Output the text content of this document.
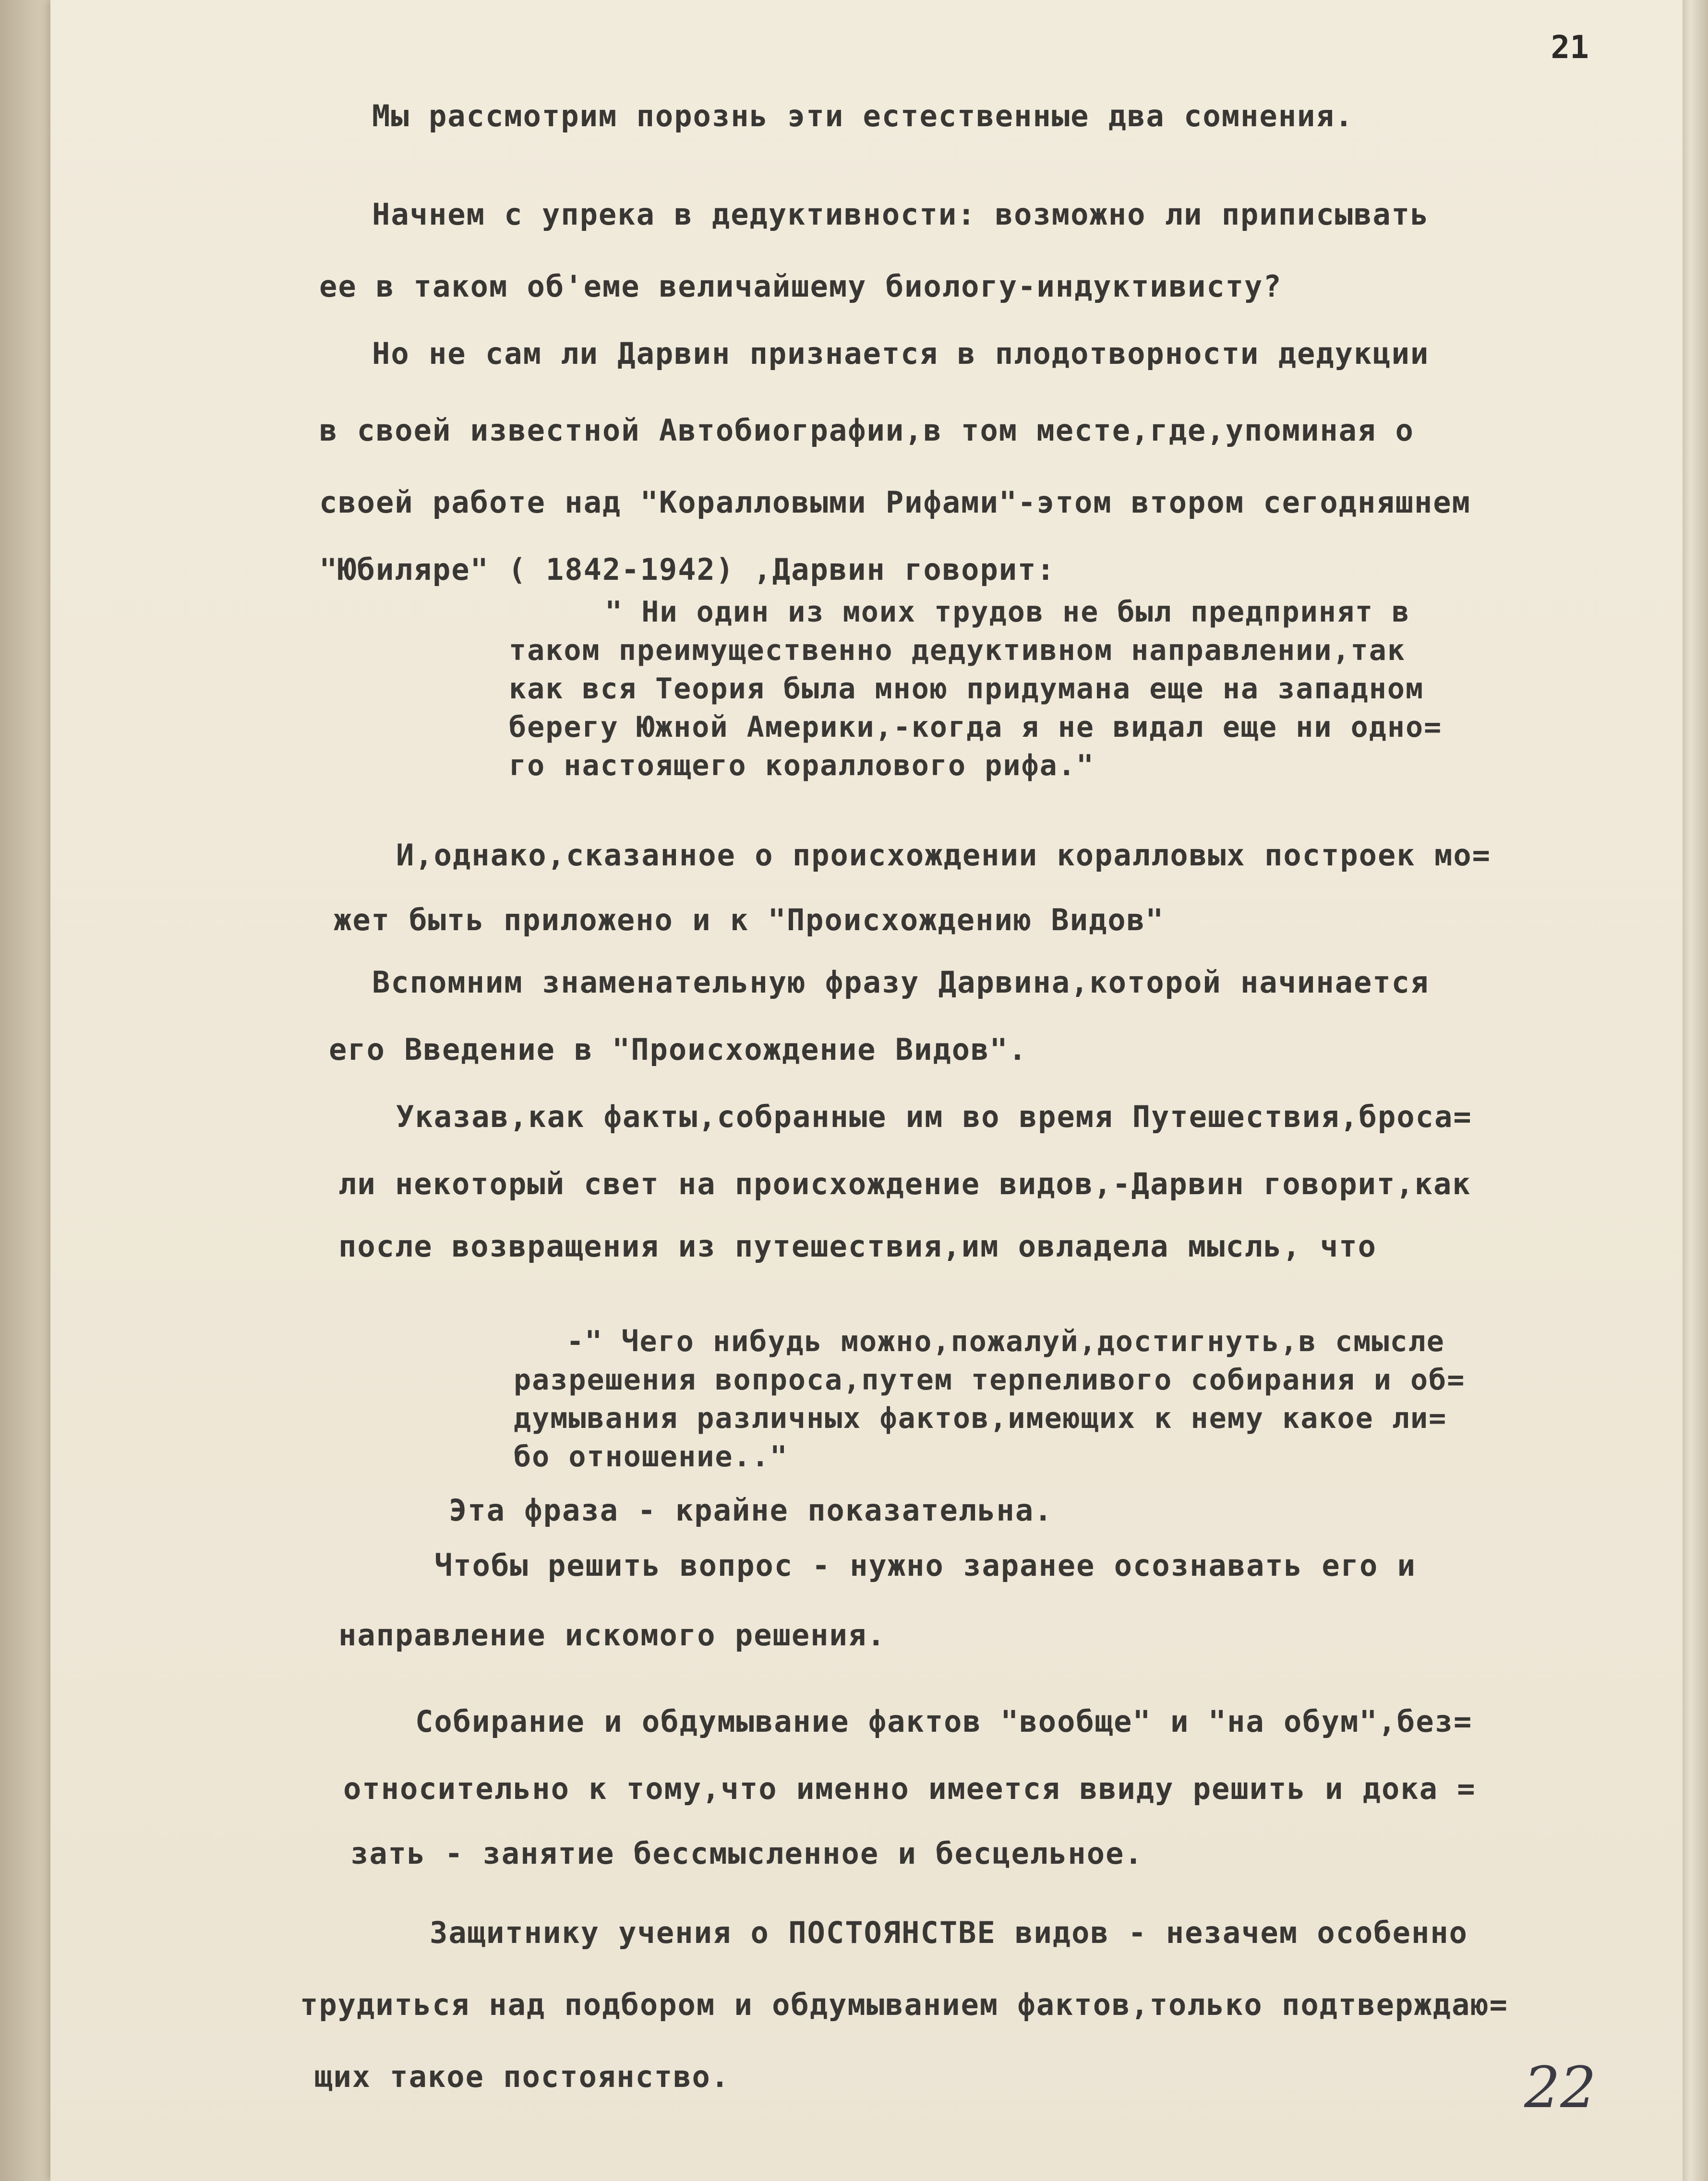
21
Мы рассмотрим порознь эти естественные два сомнения.
Начнем с упрека в дедуктивности: возможно ли приписывать
ее в таком об'еме величайшему биологу-индуктивисту?
Но не сам ли Дарвин признается в плодотворности дедукции
в своей известной Автобиографии,в том месте,где,упоминая о
своей работе над "Коралловыми Рифами"-этом втором сегодняшнем
"Юбиляре" ( 1842-1942) ,Дарвин говорит:
" Ни один из моих трудов не был предпринят в
таком преимущественно дедуктивном направлении,так
как вся Теория была мною придумана еще на западном
берегу Южной Америки,-когда я не видал еще ни одно=
го настоящего кораллового рифа."
И,однако,сказанное о происхождении коралловых построек мо=
жет быть приложено и к "Происхождению Видов"
Вспомним знаменательную фразу Дарвина,которой начинается
его Введение в "Происхождение Видов".
Указав,как факты,собранные им во время Путешествия,броса=
ли некоторый свет на происхождение видов,-Дарвин говорит,как
после возвращения из путешествия,им овладела мысль, что
-" Чего нибудь можно,пожалуй,достигнуть,в смысле
разрешения вопроса,путем терпеливого собирания и об=
думывания различных фактов,имеющих к нему какое ли=
бо отношение.."
Эта фраза - крайне показательна.
Чтобы решить вопрос - нужно заранее осознавать его и
направление искомого решения.
Собирание и обдумывание фактов "вообще" и "на обум",без=
относительно к тому,что именно имеется ввиду решить и дока =
зать - занятие бессмысленное и бесцельное.
Защитнику учения о ПОСТОЯНСТВЕ видов - незачем особенно
трудиться над подбором и обдумыванием фактов,только подтверждаю=
щих такое постоянство.	22
